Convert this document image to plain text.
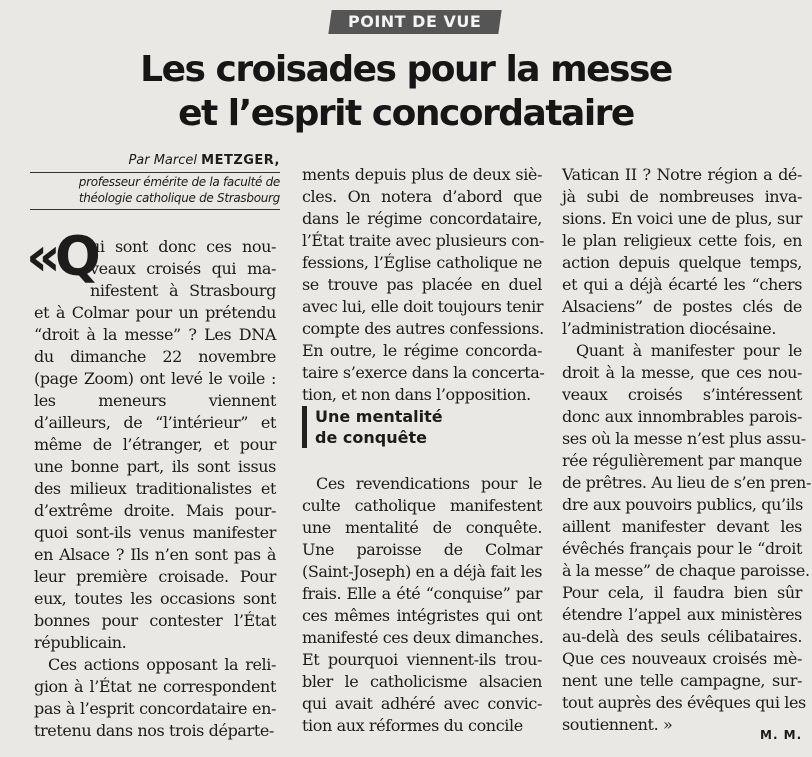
POINT DE VUE
Les croisades pour la messe
et l’esprit concordataire
Par Marcel METZGER,
professeur émérite de la faculté de
théologie catholique de Strasbourg
«Q
ui sont donc ces nou-
veaux croisés qui ma-
nifestent à Strasbourg
et à Colmar pour un prétendu
“droit à la messe” ? Les DNA
du dimanche 22 novembre
(page Zoom) ont levé le voile :
les meneurs viennent
d’ailleurs, de “l’intérieur” et
même de l’étranger, et pour
une bonne part, ils sont issus
des milieux traditionalistes et
d’extrême droite. Mais pour-
quoi sont-ils venus manifester
en Alsace ? Ils n’en sont pas à
leur première croisade. Pour
eux, toutes les occasions sont
bonnes pour contester l’État
républicain.
Ces actions opposant la reli-
gion à l’État ne correspondent
pas à l’esprit concordataire en-
tretenu dans nos trois départe-
ments depuis plus de deux siè-
cles. On notera d’abord que
dans le régime concordataire,
l’État traite avec plusieurs con-
fessions, l’Église catholique ne
se trouve pas placée en duel
avec lui, elle doit toujours tenir
compte des autres confessions.
En outre, le régime concorda-
taire s’exerce dans la concerta-
tion, et non dans l’opposition.
Une mentalité
de conquête
Ces revendications pour le
culte catholique manifestent
une mentalité de conquête.
Une paroisse de Colmar
(Saint-Joseph) en a déjà fait les
frais. Elle a été “conquise” par
ces mêmes intégristes qui ont
manifesté ces deux dimanches.
Et pourquoi viennent-ils trou-
bler le catholicisme alsacien
qui avait adhéré avec convic-
tion aux réformes du concile
Vatican II ? Notre région a dé-
jà subi de nombreuses inva-
sions. En voici une de plus, sur
le plan religieux cette fois, en
action depuis quelque temps,
et qui a déjà écarté les “chers
Alsaciens” de postes clés de
l’administration diocésaine.
Quant à manifester pour le
droit à la messe, que ces nou-
veaux croisés s’intéressent
donc aux innombrables parois-
ses où la messe n’est plus assu-
rée régulièrement par manque
de prêtres. Au lieu de s’en pren-
dre aux pouvoirs publics, qu’ils
aillent manifester devant les
évêchés français pour le “droit
à la messe” de chaque paroisse.
Pour cela, il faudra bien sûr
étendre l’appel aux ministères
au-delà des seuls célibataires.
Que ces nouveaux croisés mè-
nent une telle campagne, sur-
tout auprès des évêques qui les
soutiennent. »
M. M.
